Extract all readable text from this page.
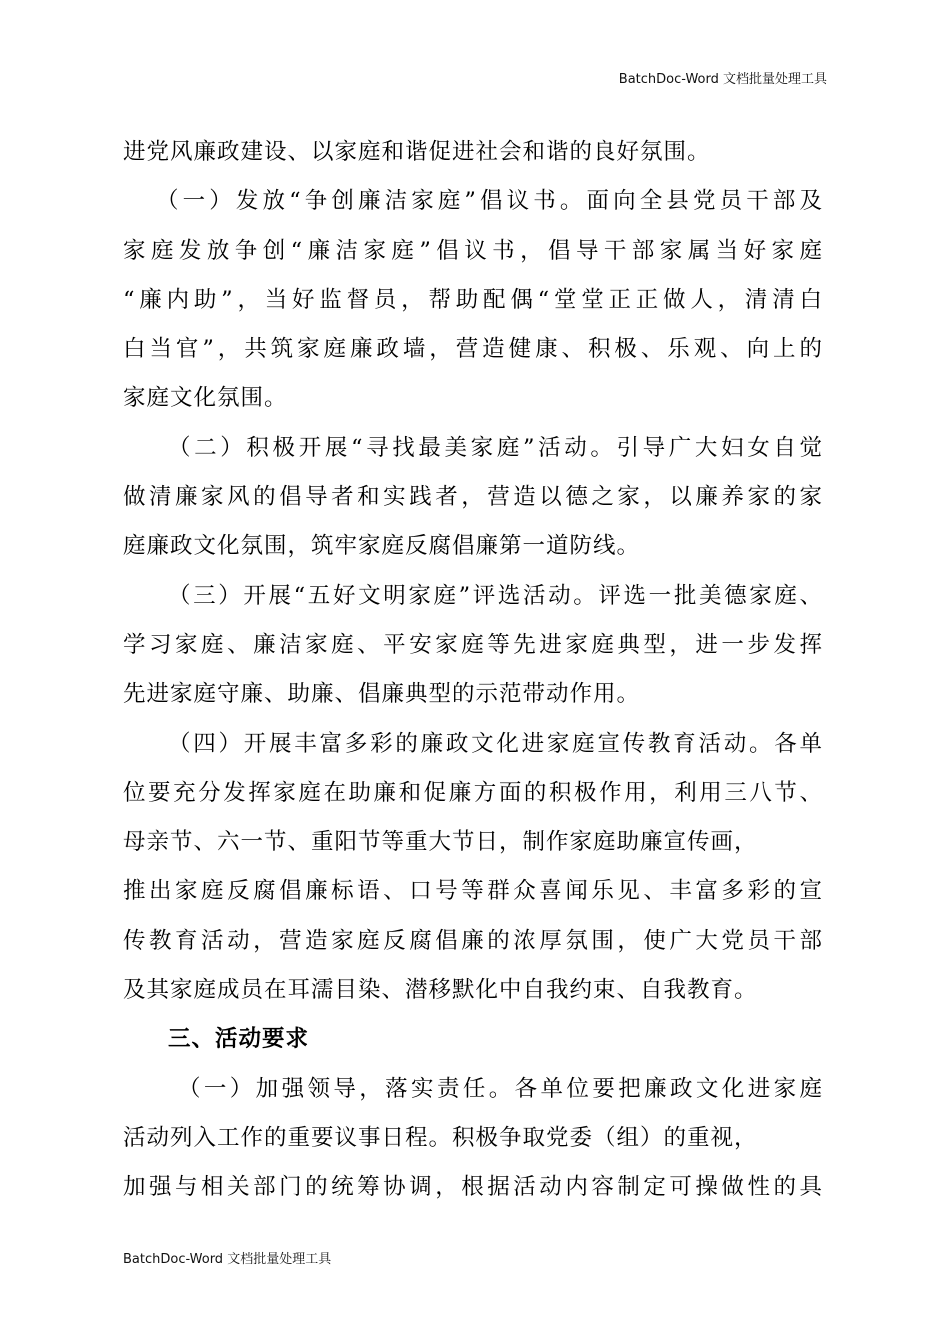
BatchDoc-Word 文档批量处理工具
进党风廉政建设、以家庭和谐促进社会和谐的良好氛围。
（一）发放“争创廉洁家庭”倡议书。面向全县党员干部及
家庭发放争创“廉洁家庭”倡议书，倡导干部家属当好家庭
“廉内助”，当好监督员，帮助配偶“堂堂正正做人，清清白
白当官”，共筑家庭廉政墙，营造健康、积极、乐观、向上的
家庭文化氛围。
（二）积极开展“寻找最美家庭”活动。引导广大妇女自觉
做清廉家风的倡导者和实践者，营造以德之家，以廉养家的家
庭廉政文化氛围，筑牢家庭反腐倡廉第一道防线。
（三）开展“五好文明家庭”评选活动。评选一批美德家庭、
学习家庭、廉洁家庭、平安家庭等先进家庭典型，进一步发挥
先进家庭守廉、助廉、倡廉典型的示范带动作用。
（四）开展丰富多彩的廉政文化进家庭宣传教育活动。各单
位要充分发挥家庭在助廉和促廉方面的积极作用，利用三八节、
母亲节、六一节、重阳节等重大节日，制作家庭助廉宣传画，
推出家庭反腐倡廉标语、口号等群众喜闻乐见、丰富多彩的宣
传教育活动，营造家庭反腐倡廉的浓厚氛围，使广大党员干部
及其家庭成员在耳濡目染、潜移默化中自我约束、自我教育。
三、活动要求
（一）加强领导，落实责任。各单位要把廉政文化进家庭
活动列入工作的重要议事日程。积极争取党委（组）的重视，
加强与相关部门的统筹协调，根据活动内容制定可操做性的具
BatchDoc-Word 文档批量处理工具
